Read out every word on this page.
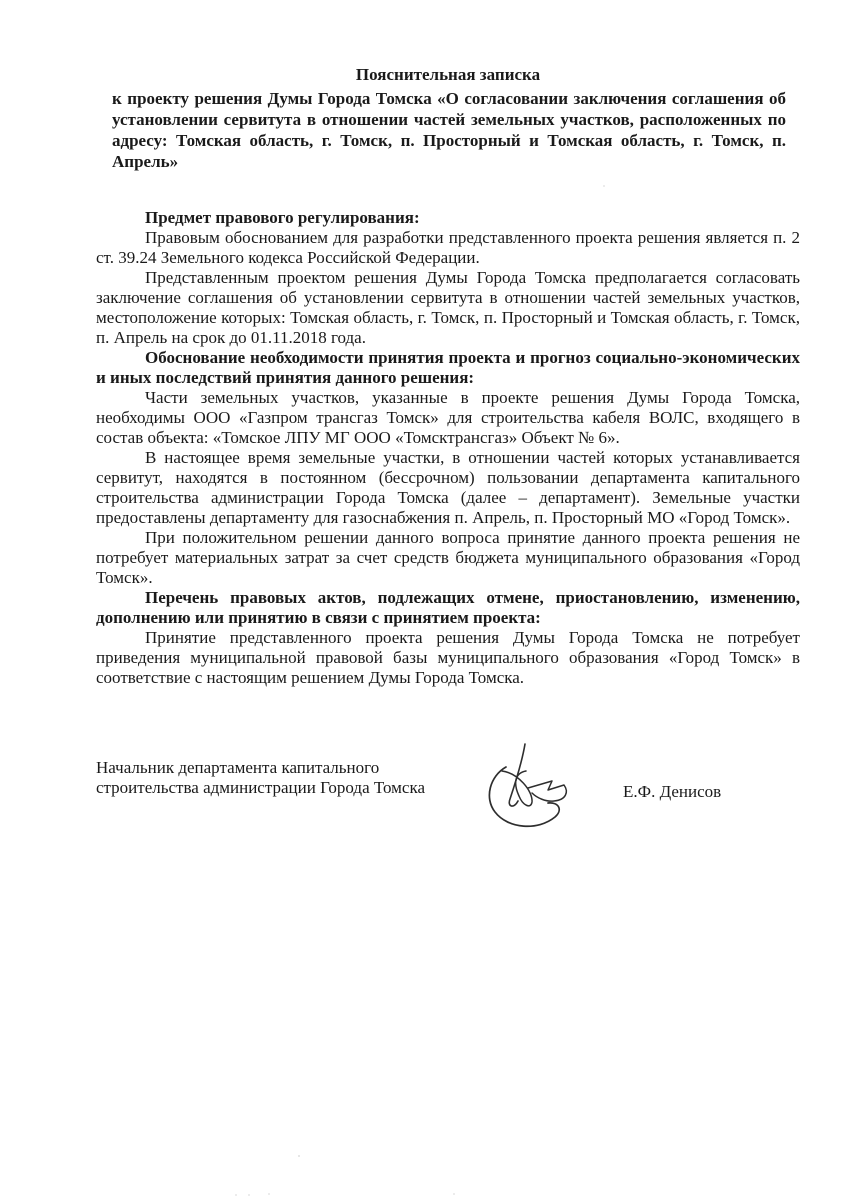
Пояснительная записка

к проекту решения Думы Города Томска «О согласовании заключения соглашения об установлении сервитута в отношении частей земельных участков, расположенных по адресу: Томская область, г. Томск, п. Просторный и Томская область, г. Томск, п. Апрель»

Предмет правового регулирования:

Правовым обоснованием для разработки представленного проекта решения является п. 2 ст. 39.24 Земельного кодекса Российской Федерации.

Представленным проектом решения Думы Города Томска предполагается согласовать заключение соглашения об установлении сервитута в отношении частей земельных участков, местоположение которых: Томская область, г. Томск, п. Просторный и Томская область, г. Томск, п. Апрель на срок до 01.11.2018 года.

Обоснование необходимости принятия проекта и прогноз социально-экономических и иных последствий принятия данного решения:

Части земельных участков, указанные в проекте решения Думы Города Томска, необходимы ООО «Газпром трансгаз Томск» для строительства кабеля ВОЛС, входящего в состав объекта: «Томское ЛПУ МГ ООО «Томсктрансгаз» Объект № 6».

В настоящее время земельные участки, в отношении частей которых устанавливается сервитут, находятся в постоянном (бессрочном) пользовании департамента капитального строительства администрации Города Томска (далее – департамент). Земельные участки предоставлены департаменту для газоснабжения п. Апрель, п. Просторный МО «Город Томск».

При положительном решении данного вопроса принятие данного проекта решения не потребует материальных затрат за счет средств бюджета муниципального образования «Город Томск».

Перечень правовых актов, подлежащих отмене, приостановлению, изменению, дополнению или принятию в связи с принятием проекта:

Принятие представленного проекта решения Думы Города Томска не потребует приведения муниципальной правовой базы муниципального образования «Город Томск» в соответствие с настоящим решением Думы Города Томска.

Начальник департамента капитального
строительства администрации Города Томска	Е.Ф. Денисов
